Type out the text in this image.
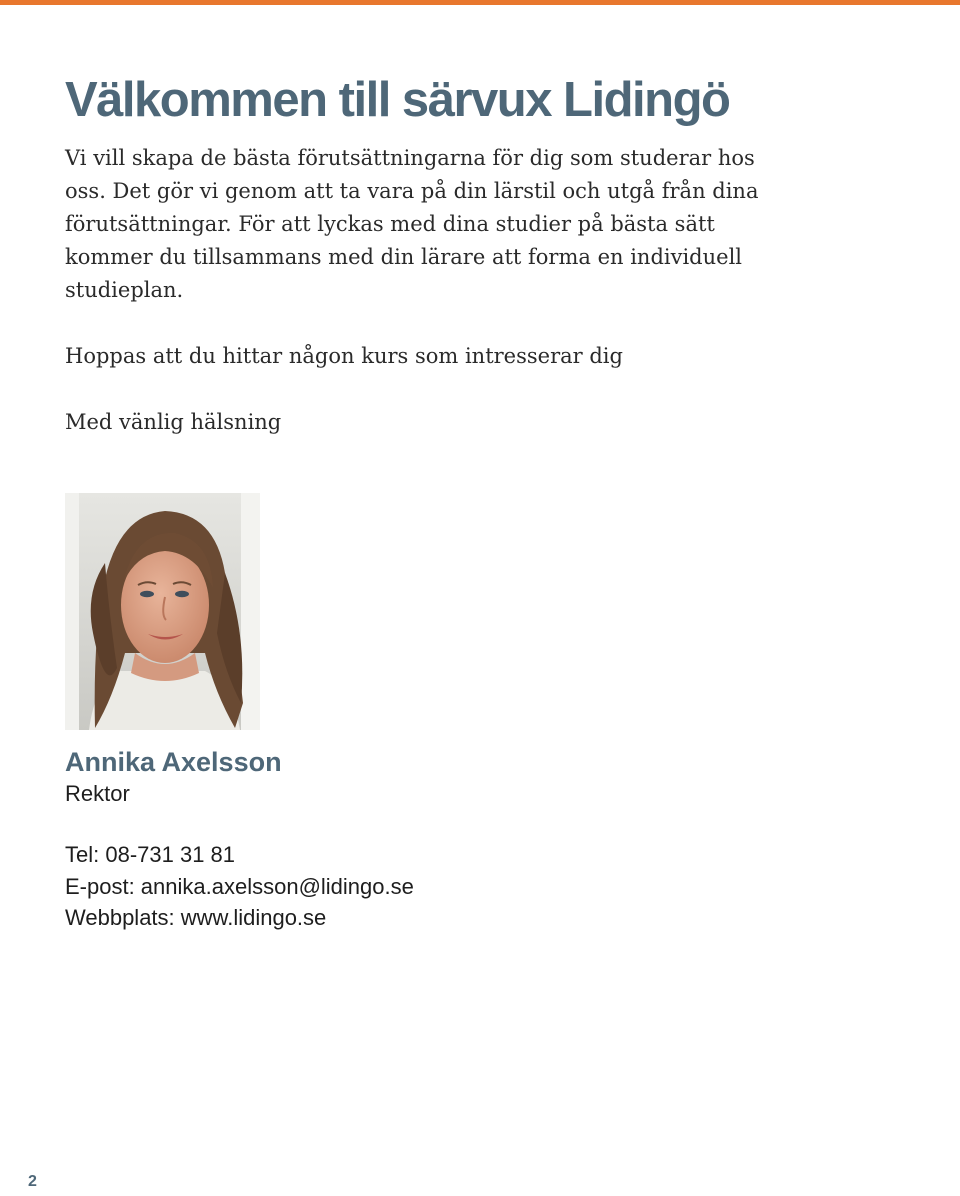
Välkommen till särvux Lidingö

Vi vill skapa de bästa förutsättningarna för dig som studerar hos oss. Det gör vi genom att ta vara på din lärstil och utgå från dina förutsättningar. För att lyckas med dina studier på bästa sätt kommer du tillsammans med din lärare att forma en individuell studieplan.

Hoppas att du hittar någon kurs som intresserar dig

Med vänlig hälsning

Annika Axelsson

Rektor

Tel: 08-731 31 81

E-post: annika.axelsson@lidingo.se

Webbplats: www.lidingo.se

2
